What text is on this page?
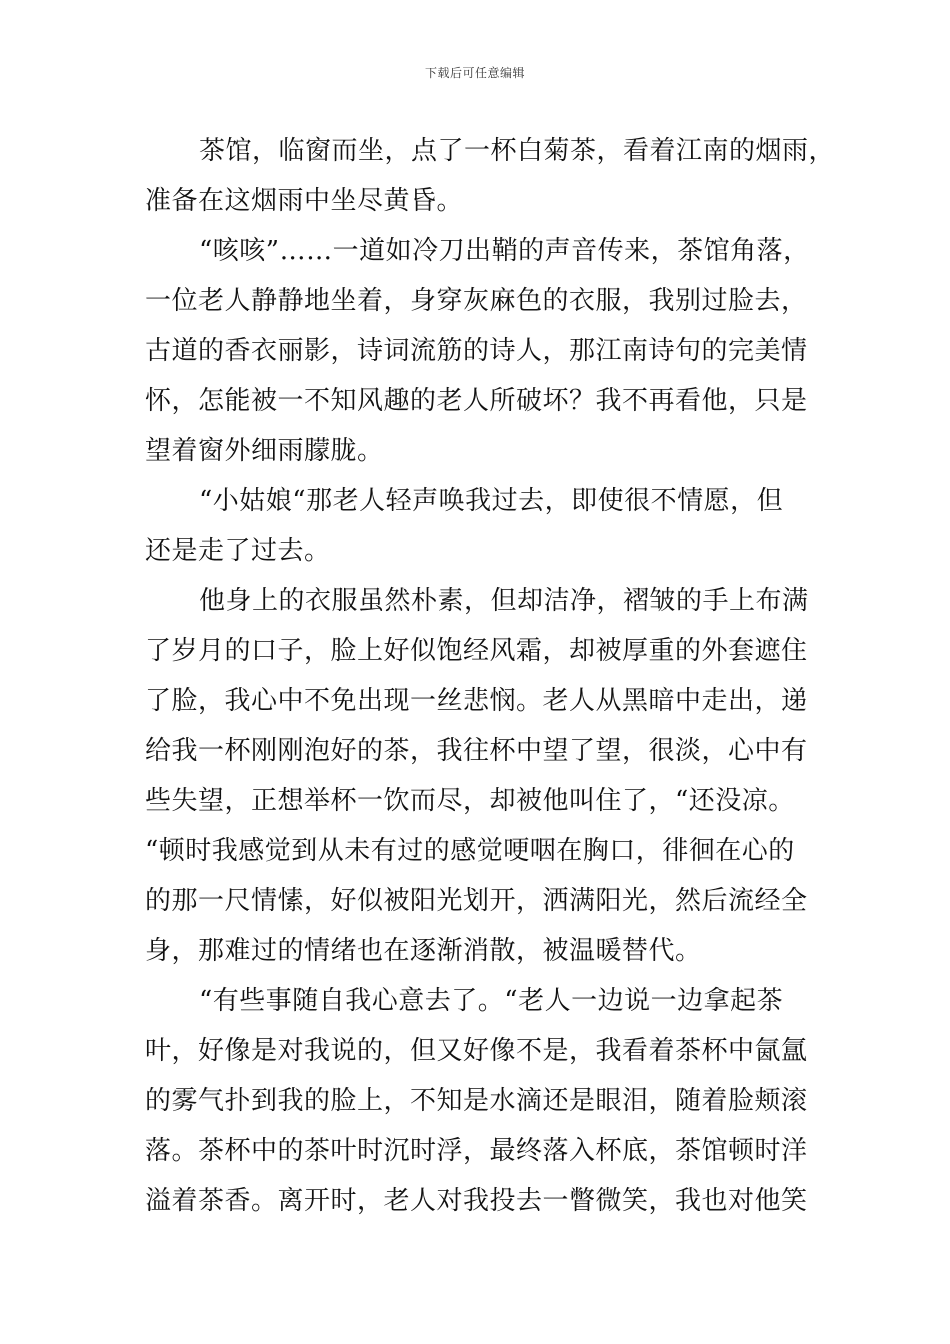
下载后可任意编辑

茶馆，临窗而坐，点了一杯白菊茶，看着江南的烟雨，
准备在这烟雨中坐尽黄昏。

“咳咳”……一道如冷刀出鞘的声音传来，茶馆角落，
一位老人静静地坐着，身穿灰麻色的衣服，我别过脸去，
古道的香衣丽影，诗词流筋的诗人，那江南诗句的完美情
怀，怎能被一不知风趣的老人所破坏？我不再看他，只是
望着窗外细雨朦胧。

“小姑娘“那老人轻声唤我过去，即使很不情愿，但
还是走了过去。

他身上的衣服虽然朴素，但却洁净，褶皱的手上布满
了岁月的口子，脸上好似饱经风霜，却被厚重的外套遮住
了脸，我心中不免出现一丝悲悯。老人从黑暗中走出，递
给我一杯刚刚泡好的茶，我往杯中望了望，很淡，心中有
些失望，正想举杯一饮而尽，却被他叫住了，“还没凉。
“顿时我感觉到从未有过的感觉哽咽在胸口，徘徊在心的
的那一尺情愫，好似被阳光划开，洒满阳光，然后流经全
身，那难过的情绪也在逐渐消散，被温暖替代。

“有些事随自我心意去了。“老人一边说一边拿起茶
叶，好像是对我说的，但又好像不是，我看着茶杯中氤氲
的雾气扑到我的脸上，不知是水滴还是眼泪，随着脸颊滚
落。茶杯中的茶叶时沉时浮，最终落入杯底，茶馆顿时洋
溢着茶香。离开时，老人对我投去一瞥微笑，我也对他笑
